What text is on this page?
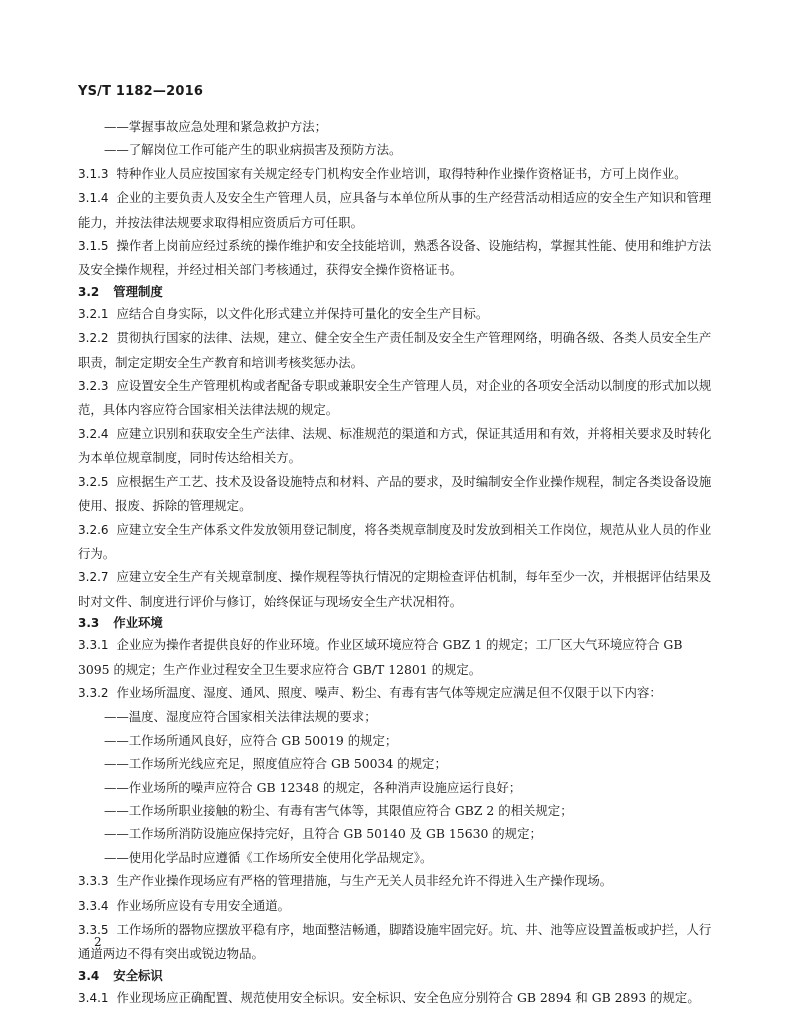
YS/T 1182—2016

——掌握事故应急处理和紧急救护方法；

——了解岗位工作可能产生的职业病损害及预防方法。

3.1.3 特种作业人员应按国家有关规定经专门机构安全作业培训，取得特种作业操作资格证书，方可上岗作业。

3.1.4 企业的主要负责人及安全生产管理人员，应具备与本单位所从事的生产经营活动相适应的安全生产知识和管理能力，并按法律法规要求取得相应资质后方可任职。

3.1.5 操作者上岗前应经过系统的操作维护和安全技能培训，熟悉各设备、设施结构，掌握其性能、使用和维护方法及安全操作规程，并经过相关部门考核通过，获得安全操作资格证书。

3.2 管理制度

3.2.1 应结合自身实际，以文件化形式建立并保持可量化的安全生产目标。

3.2.2 贯彻执行国家的法律、法规，建立、健全安全生产责任制及安全生产管理网络，明确各级、各类人员安全生产职责，制定定期安全生产教育和培训考核奖惩办法。

3.2.3 应设置安全生产管理机构或者配备专职或兼职安全生产管理人员，对企业的各项安全活动以制度的形式加以规范，具体内容应符合国家相关法律法规的规定。

3.2.4 应建立识别和获取安全生产法律、法规、标准规范的渠道和方式，保证其适用和有效，并将相关要求及时转化为本单位规章制度，同时传达给相关方。

3.2.5 应根据生产工艺、技术及设备设施特点和材料、产品的要求，及时编制安全作业操作规程，制定各类设备设施使用、报废、拆除的管理规定。

3.2.6 应建立安全生产体系文件发放领用登记制度，将各类规章制度及时发放到相关工作岗位，规范从业人员的作业行为。

3.2.7 应建立安全生产有关规章制度、操作规程等执行情况的定期检查评估机制，每年至少一次，并根据评估结果及时对文件、制度进行评价与修订，始终保证与现场安全生产状况相符。

3.3 作业环境

3.3.1 企业应为操作者提供良好的作业环境。作业区域环境应符合 GBZ 1 的规定；工厂区大气环境应符合 GB 3095 的规定；生产作业过程安全卫生要求应符合 GB/T 12801 的规定。

3.3.2 作业场所温度、湿度、通风、照度、噪声、粉尘、有毒有害气体等规定应满足但不仅限于以下内容：

——温度、湿度应符合国家相关法律法规的要求；

——工作场所通风良好，应符合 GB 50019 的规定；

——工作场所光线应充足，照度值应符合 GB 50034 的规定；

——作业场所的噪声应符合 GB 12348 的规定，各种消声设施应运行良好；

——工作场所职业接触的粉尘、有毒有害气体等，其限值应符合 GBZ 2 的相关规定；

——工作场所消防设施应保持完好，且符合 GB 50140 及 GB 15630 的规定；

——使用化学品时应遵循《工作场所安全使用化学品规定》。

3.3.3 生产作业操作现场应有严格的管理措施，与生产无关人员非经允许不得进入生产操作现场。

3.3.4 作业场所应设有专用安全通道。

3.3.5 工作场所的器物应摆放平稳有序，地面整洁畅通，脚踏设施牢固完好。坑、井、池等应设置盖板或护拦，人行通道两边不得有突出或锐边物品。

3.4 安全标识

3.4.1 作业现场应正确配置、规范使用安全标识。安全标识、安全色应分别符合 GB 2894 和 GB 2893 的规定。

2
